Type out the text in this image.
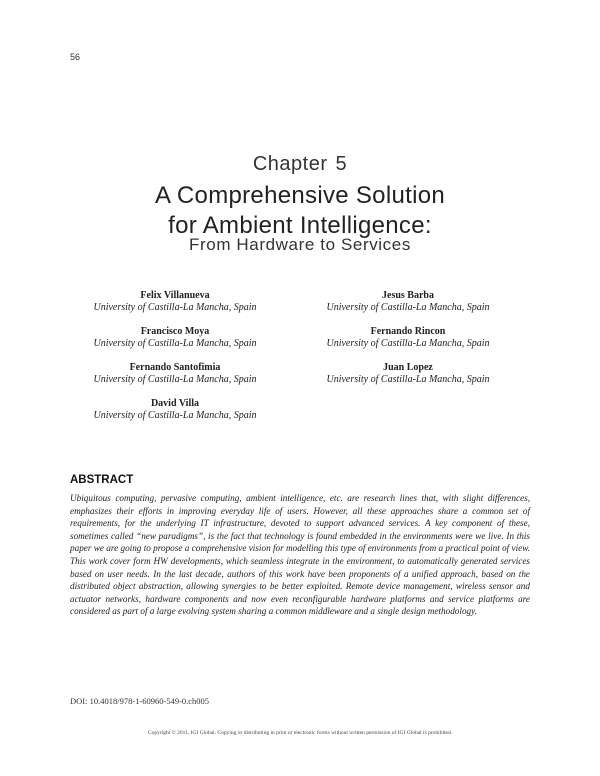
56
Chapter 5
A Comprehensive Solution
for Ambient Intelligence:
From Hardware to Services
Felix Villanueva
University of Castilla-La Mancha, Spain
Francisco Moya
University of Castilla-La Mancha, Spain
Fernando Santofimia
University of Castilla-La Mancha, Spain
David Villa
University of Castilla-La Mancha, Spain
Jesus Barba
University of Castilla-La Mancha, Spain
Fernando Rincon
University of Castilla-La Mancha, Spain
Juan Lopez
University of Castilla-La Mancha, Spain
ABSTRACT
Ubiquitous computing, pervasive computing, ambient intelligence, etc. are research lines that, with slight differences, emphasizes their efforts in improving everyday life of users. However, all these approaches share a common set of requirements, for the underlying IT infrastructure, devoted to support advanced services. A key component of these, sometimes called “new paradigms”, is the fact that technology is found embedded in the environments were we live. In this paper we are going to propose a comprehensive vision for modelling this type of environments from a practical point of view. This work cover form HW developments, which seamless integrate in the environment, to automatically generated services based on user needs. In the last decade, authors of this work have been proponents of a unified approach, based on the distributed object abstraction, allowing synergies to be better exploited. Remote device management, wireless sensor and actuator networks, hardware components and now even reconfigurable hardware platforms and service platforms are considered as part of a large evolving system sharing a common middleware and a single design methodology.
DOI: 10.4018/978-1-60960-549-0.ch005
Copyright © 2011, IGI Global. Copying or distributing in print or electronic forms without written permission of IGI Global is prohibited.
